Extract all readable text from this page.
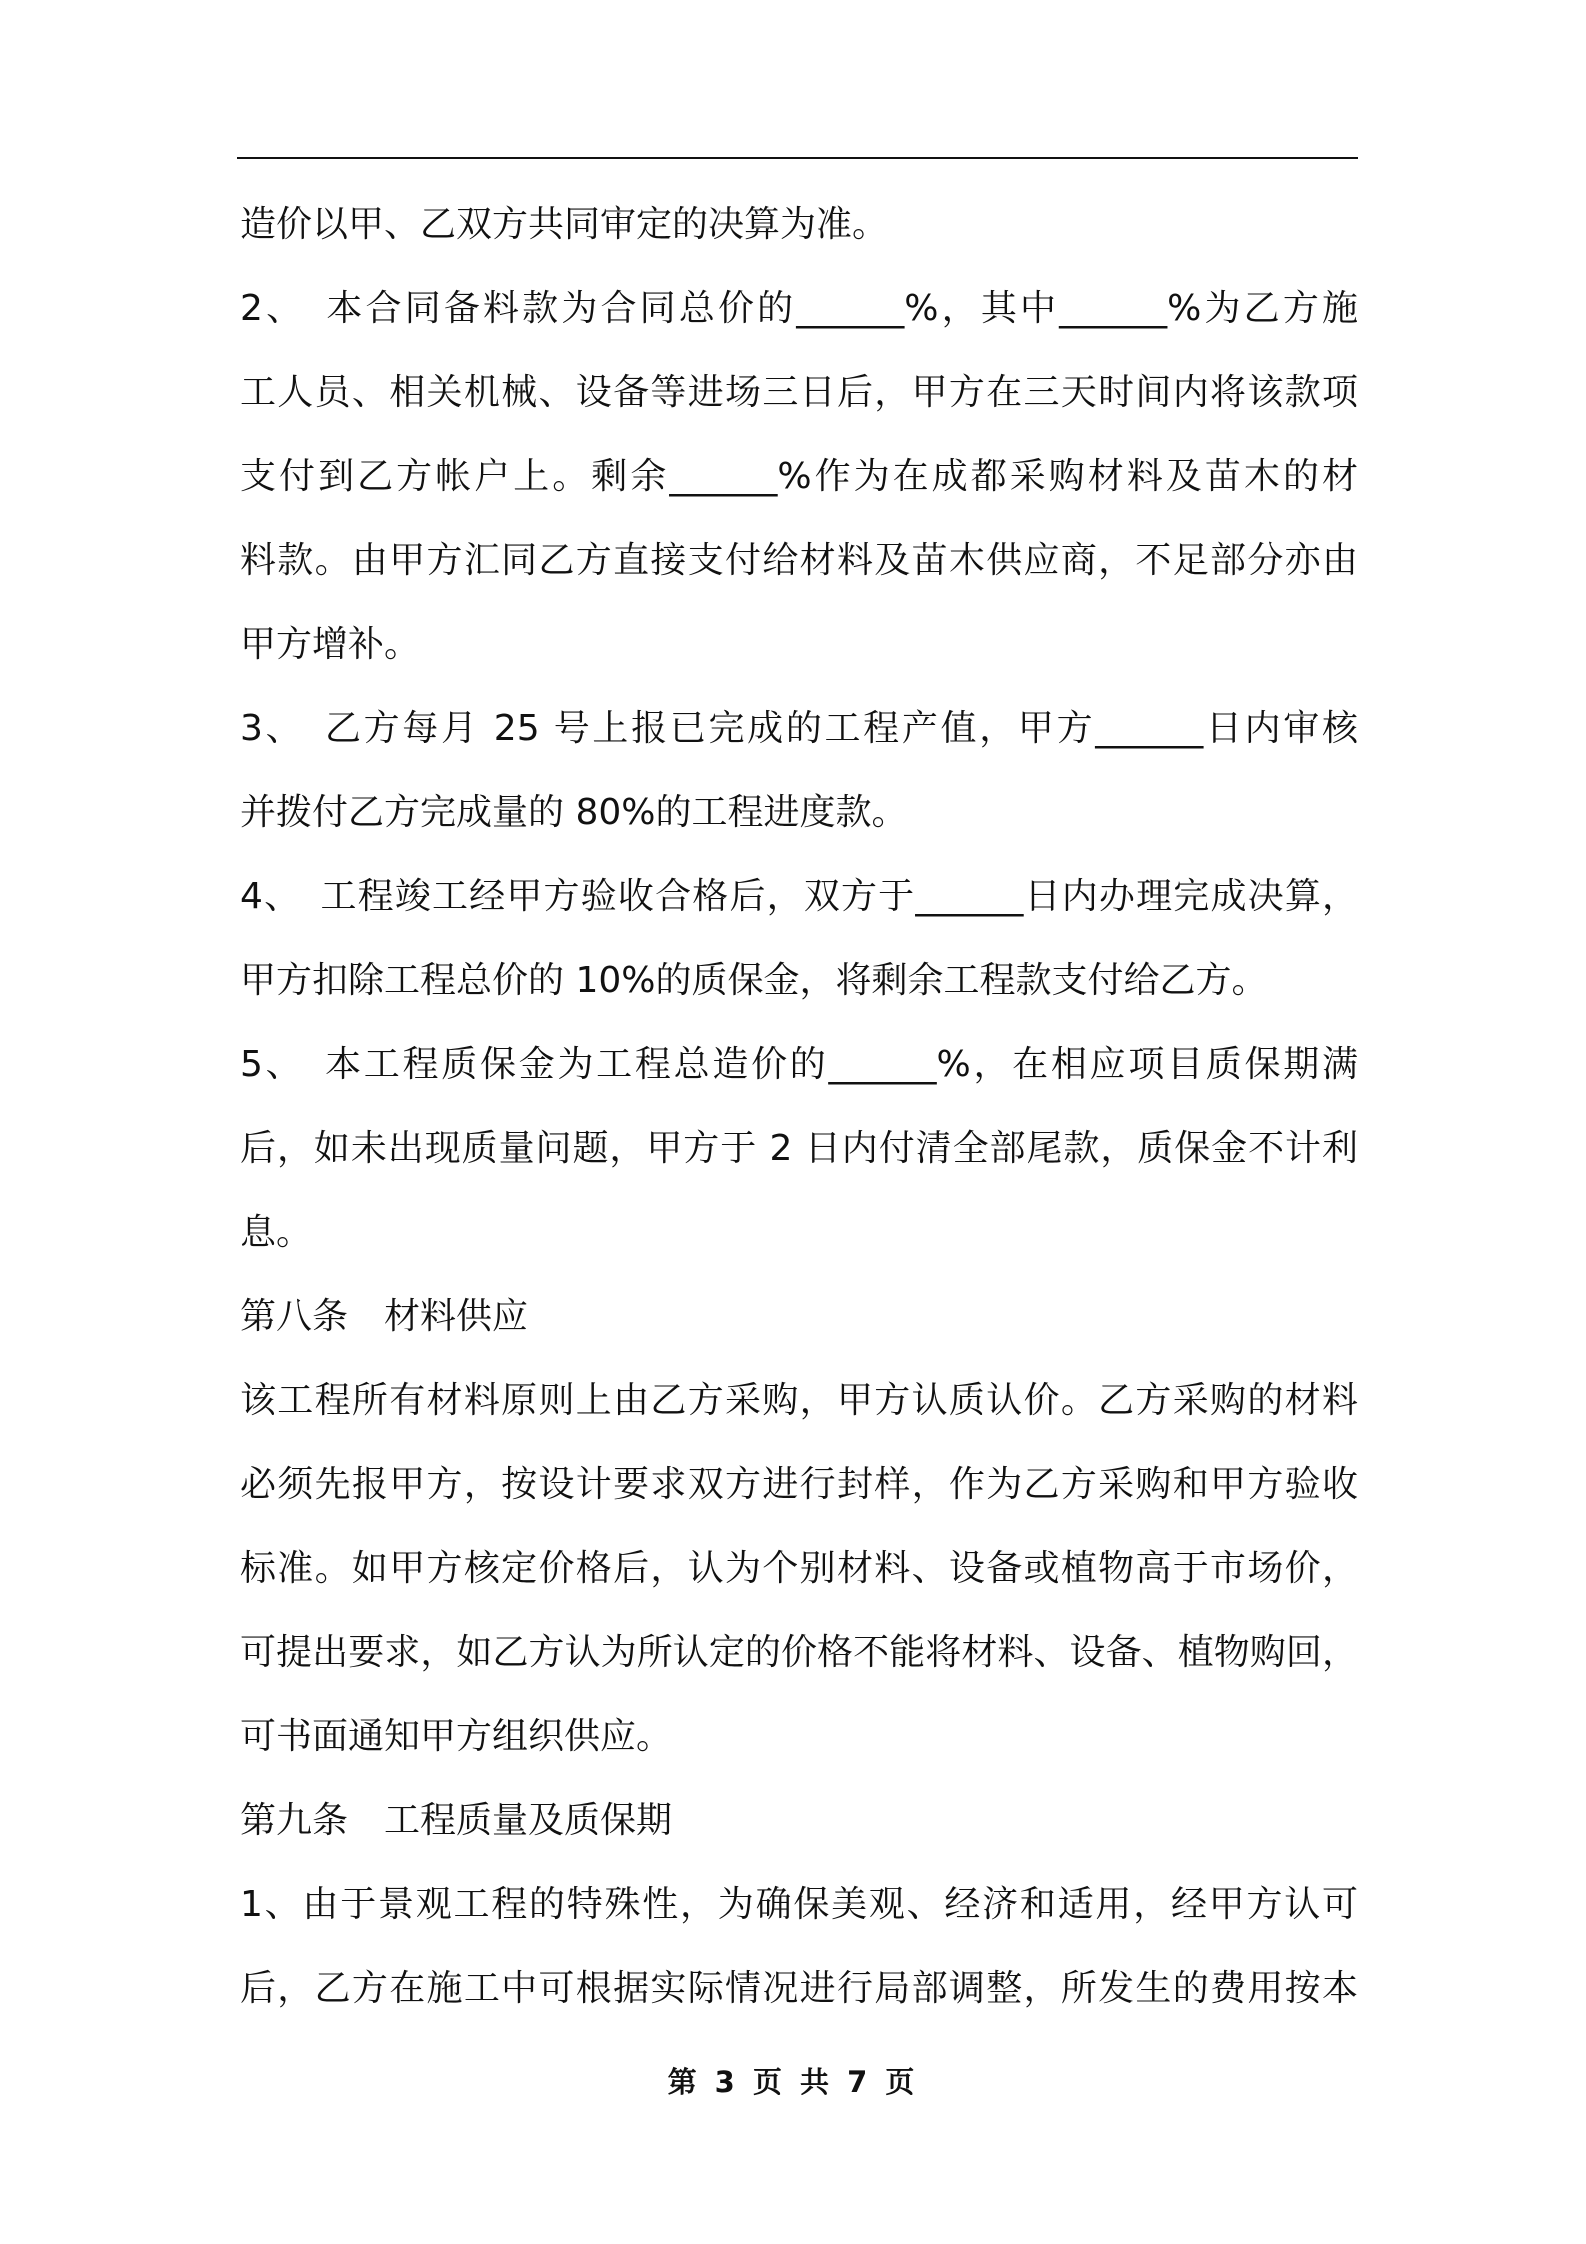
造价以甲、乙双方共同审定的决算为准。
2、　本合同备料款为合同总价的______%，其中______%为乙方施
工人员、相关机械、设备等进场三日后，甲方在三天时间内将该款项
支付到乙方帐户上。剩余______%作为在成都采购材料及苗木的材
料款。由甲方汇同乙方直接支付给材料及苗木供应商，不足部分亦由
甲方增补。
3、　乙方每月 25 号上报已完成的工程产值，甲方______日内审核
并拨付乙方完成量的 80%的工程进度款。
4、　工程竣工经甲方验收合格后，双方于______日内办理完成决算，
甲方扣除工程总价的 10%的质保金，将剩余工程款支付给乙方。
5、　本工程质保金为工程总造价的______%，在相应项目质保期满
后，如未出现质量问题，甲方于 2 日内付清全部尾款，质保金不计利
息。
第八条　材料供应
该工程所有材料原则上由乙方采购，甲方认质认价。乙方采购的材料
必须先报甲方，按设计要求双方进行封样，作为乙方采购和甲方验收
标准。如甲方核定价格后，认为个别材料、设备或植物高于市场价，
可提出要求，如乙方认为所认定的价格不能将材料、设备、植物购回，
可书面通知甲方组织供应。
第九条　工程质量及质保期
1、由于景观工程的特殊性，为确保美观、经济和适用，经甲方认可
后，乙方在施工中可根据实际情况进行局部调整，所发生的费用按本
第 3 页 共 7 页
